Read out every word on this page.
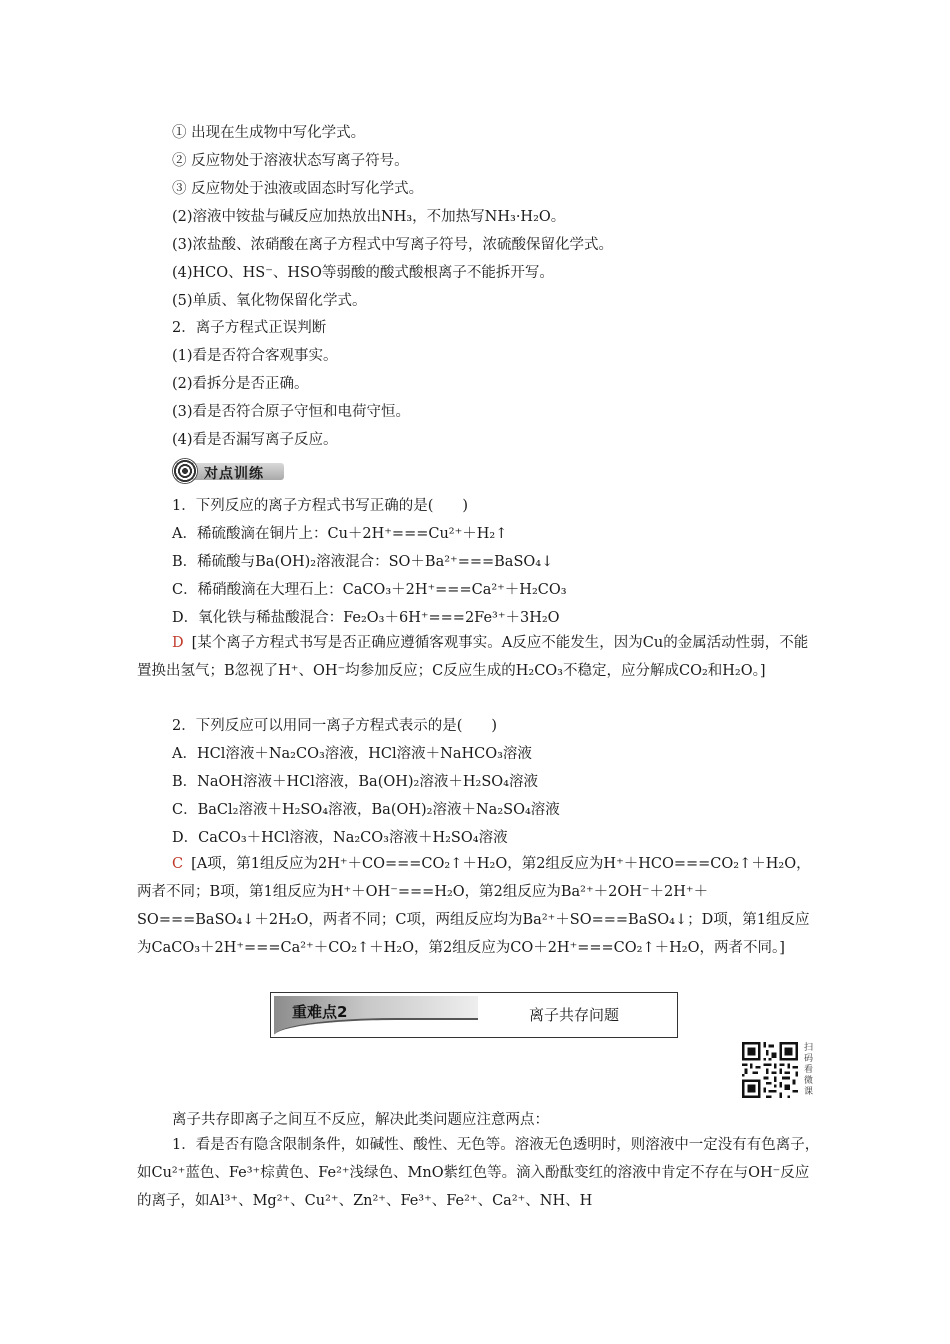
① 出现在生成物中写化学式。
② 反应物处于溶液状态写离子符号。
③ 反应物处于浊液或固态时写化学式。
(2)溶液中铵盐与碱反应加热放出NH₃，不加热写NH₃·H₂O。
(3)浓盐酸、浓硝酸在离子方程式中写离子符号，浓硫酸保留化学式。
(4)HCO、HS⁻、HSO等弱酸的酸式酸根离子不能拆开写。
(5)单质、氧化物保留化学式。
2．离子方程式正误判断
(1)看是否符合客观事实。
(2)看拆分是否正确。
(3)看是否符合原子守恒和电荷守恒。
(4)看是否漏写离子反应。
对点训练
1．下列反应的离子方程式书写正确的是(　　)
A．稀硫酸滴在铜片上：Cu＋2H⁺===Cu²⁺＋H₂↑
B．稀硫酸与Ba(OH)₂溶液混合：SO＋Ba²⁺===BaSO₄↓
C．稀硝酸滴在大理石上：CaCO₃＋2H⁺===Ca²⁺＋H₂CO₃
D．氧化铁与稀盐酸混合：Fe₂O₃＋6H⁺===2Fe³⁺＋3H₂O
D [某个离子方程式书写是否正确应遵循客观事实。A反应不能发生，因为Cu的金属活动性弱，不能置换出氢气；B忽视了H⁺、OH⁻均参加反应；C反应生成的H₂CO₃不稳定，应分解成CO₂和H₂O。]
2．下列反应可以用同一离子方程式表示的是(　　)
A．HCl溶液＋Na₂CO₃溶液，HCl溶液＋NaHCO₃溶液
B．NaOH溶液＋HCl溶液，Ba(OH)₂溶液＋H₂SO₄溶液
C．BaCl₂溶液＋H₂SO₄溶液，Ba(OH)₂溶液＋Na₂SO₄溶液
D．CaCO₃＋HCl溶液，Na₂CO₃溶液＋H₂SO₄溶液
C [A项，第1组反应为2H⁺＋CO===CO₂↑＋H₂O，第2组反应为H⁺＋HCO===CO₂↑＋H₂O，两者不同；B项，第1组反应为H⁺＋OH⁻===H₂O，第2组反应为Ba²⁺＋2OH⁻＋2H⁺＋SO===BaSO₄↓＋2H₂O，两者不同；C项，两组反应均为Ba²⁺＋SO===BaSO₄↓；D项，第1组反应为CaCO₃＋2H⁺===Ca²⁺＋CO₂↑＋H₂O，第2组反应为CO＋2H⁺===CO₂↑＋H₂O，两者不同。]
重难点2	离子共存问题
扫码看微课
离子共存即离子之间互不反应，解决此类问题应注意两点：
1．看是否有隐含限制条件，如碱性、酸性、无色等。溶液无色透明时，则溶液中一定没有有色离子，如Cu²⁺蓝色、Fe³⁺棕黄色、Fe²⁺浅绿色、MnO紫红色等。滴入酚酞变红的溶液中肯定不存在与OH⁻反应的离子，如Al³⁺、Mg²⁺、Cu²⁺、Zn²⁺、Fe³⁺、Fe²⁺、Ca²⁺、NH、H
